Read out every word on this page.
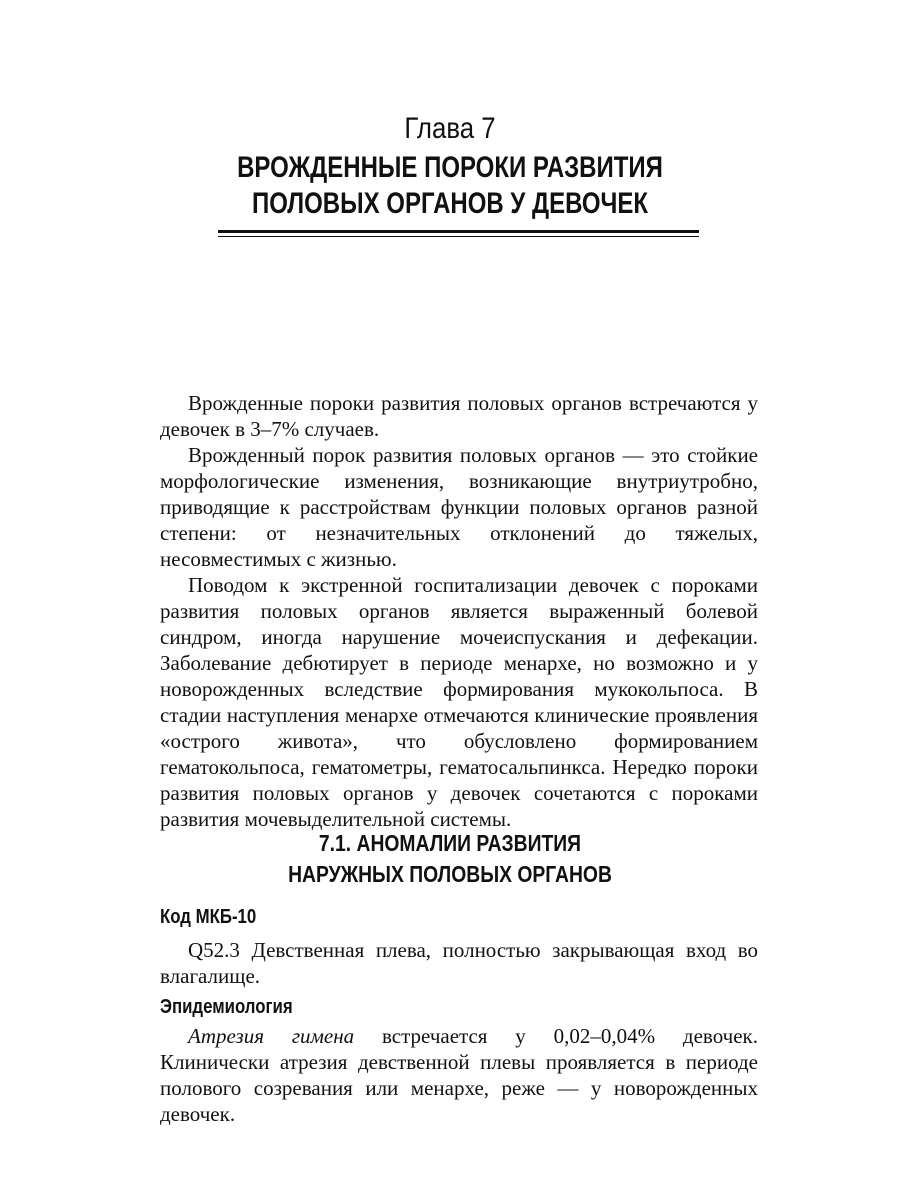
Глава 7
ВРОЖДЕННЫЕ ПОРОКИ РАЗВИТИЯ
ПОЛОВЫХ ОРГАНОВ У ДЕВОЧЕК

Врожденные пороки развития половых органов встречаются у девочек в 3–7% случаев.

Врожденный порок развития половых органов — это стойкие морфологические изменения, возникающие внутриутробно, приводящие к расстройствам функции половых органов разной степени: от незначительных отклонений до тяжелых, несовместимых с жизнью.

Поводом к экстренной госпитализации девочек с пороками развития половых органов является выраженный болевой синдром, иногда нарушение мочеиспускания и дефекации. Заболевание дебютирует в периоде менархе, но возможно и у новорожденных вследствие формирования мукокольпоса. В стадии наступления менархе отмечаются клинические проявления «острого живота», что обусловлено формированием гематокольпоса, гематометры, гематосальпинкса. Нередко пороки развития половых органов у девочек сочетаются с пороками развития мочевыделительной системы.

7.1. АНОМАЛИИ РАЗВИТИЯ
НАРУЖНЫХ ПОЛОВЫХ ОРГАНОВ
Код МКБ-10

Q52.3 Девственная плева, полностью закрывающая вход во влагалище.

Эпидемиология

Атрезия гимена встречается у 0,02–0,04% девочек. Клинически атрезия девственной плевы проявляется в периоде полового созревания или менархе, реже — у новорожденных девочек.
